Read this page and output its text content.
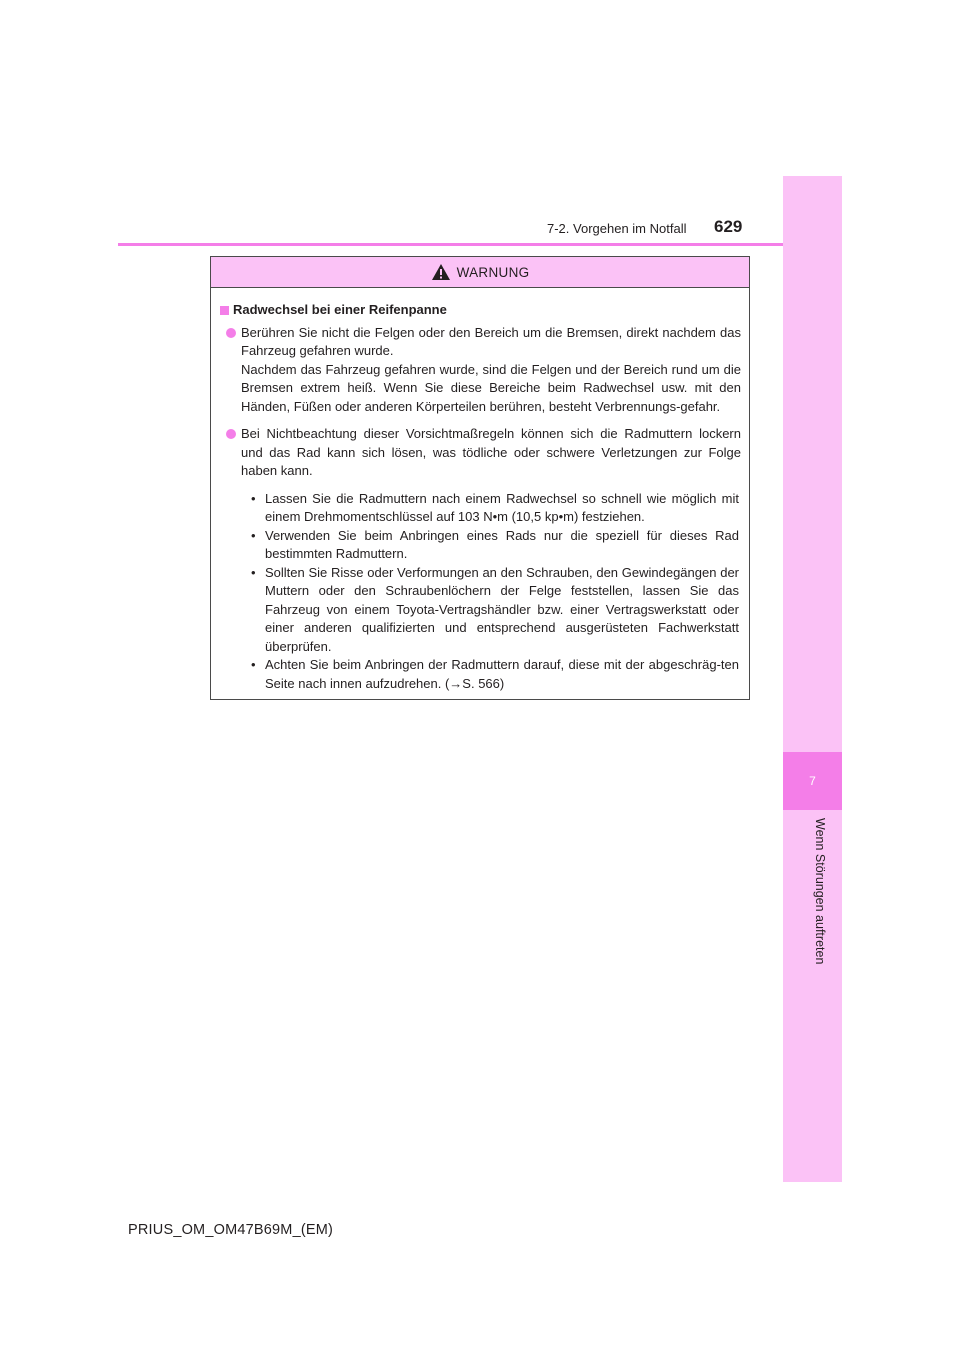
7
Wenn Störungen auftreten
7-2. Vorgehen im Notfall 629
WARNUNG
Radwechsel bei einer Reifenpanne
Berühren Sie nicht die Felgen oder den Bereich um die Bremsen, direkt nachdem das Fahrzeug gefahren wurde.
Nachdem das Fahrzeug gefahren wurde, sind die Felgen und der Bereich rund um die Bremsen extrem heiß. Wenn Sie diese Bereiche beim Radwechsel usw. mit den Händen, Füßen oder anderen Körperteilen berühren, besteht Verbrennungs-gefahr.
Bei Nichtbeachtung dieser Vorsichtmaßregeln können sich die Radmuttern lockern und das Rad kann sich lösen, was tödliche oder schwere Verletzungen zur Folge haben kann.
• Lassen Sie die Radmuttern nach einem Radwechsel so schnell wie möglich mit einem Drehmomentschlüssel auf 103 N•m (10,5 kp•m) festziehen.
• Verwenden Sie beim Anbringen eines Rads nur die speziell für dieses Rad bestimmten Radmuttern.
• Sollten Sie Risse oder Verformungen an den Schrauben, den Gewindegängen der Muttern oder den Schraubenlöchern der Felge feststellen, lassen Sie das Fahrzeug von einem Toyota-Vertragshändler bzw. einer Vertragswerkstatt oder einer anderen qualifizierten und entsprechend ausgerüsteten Fachwerkstatt überprüfen.
• Achten Sie beim Anbringen der Radmuttern darauf, diese mit der abgeschräg-ten Seite nach innen aufzudrehen. (→S. 566)
PRIUS_OM_OM47B69M_(EM)
